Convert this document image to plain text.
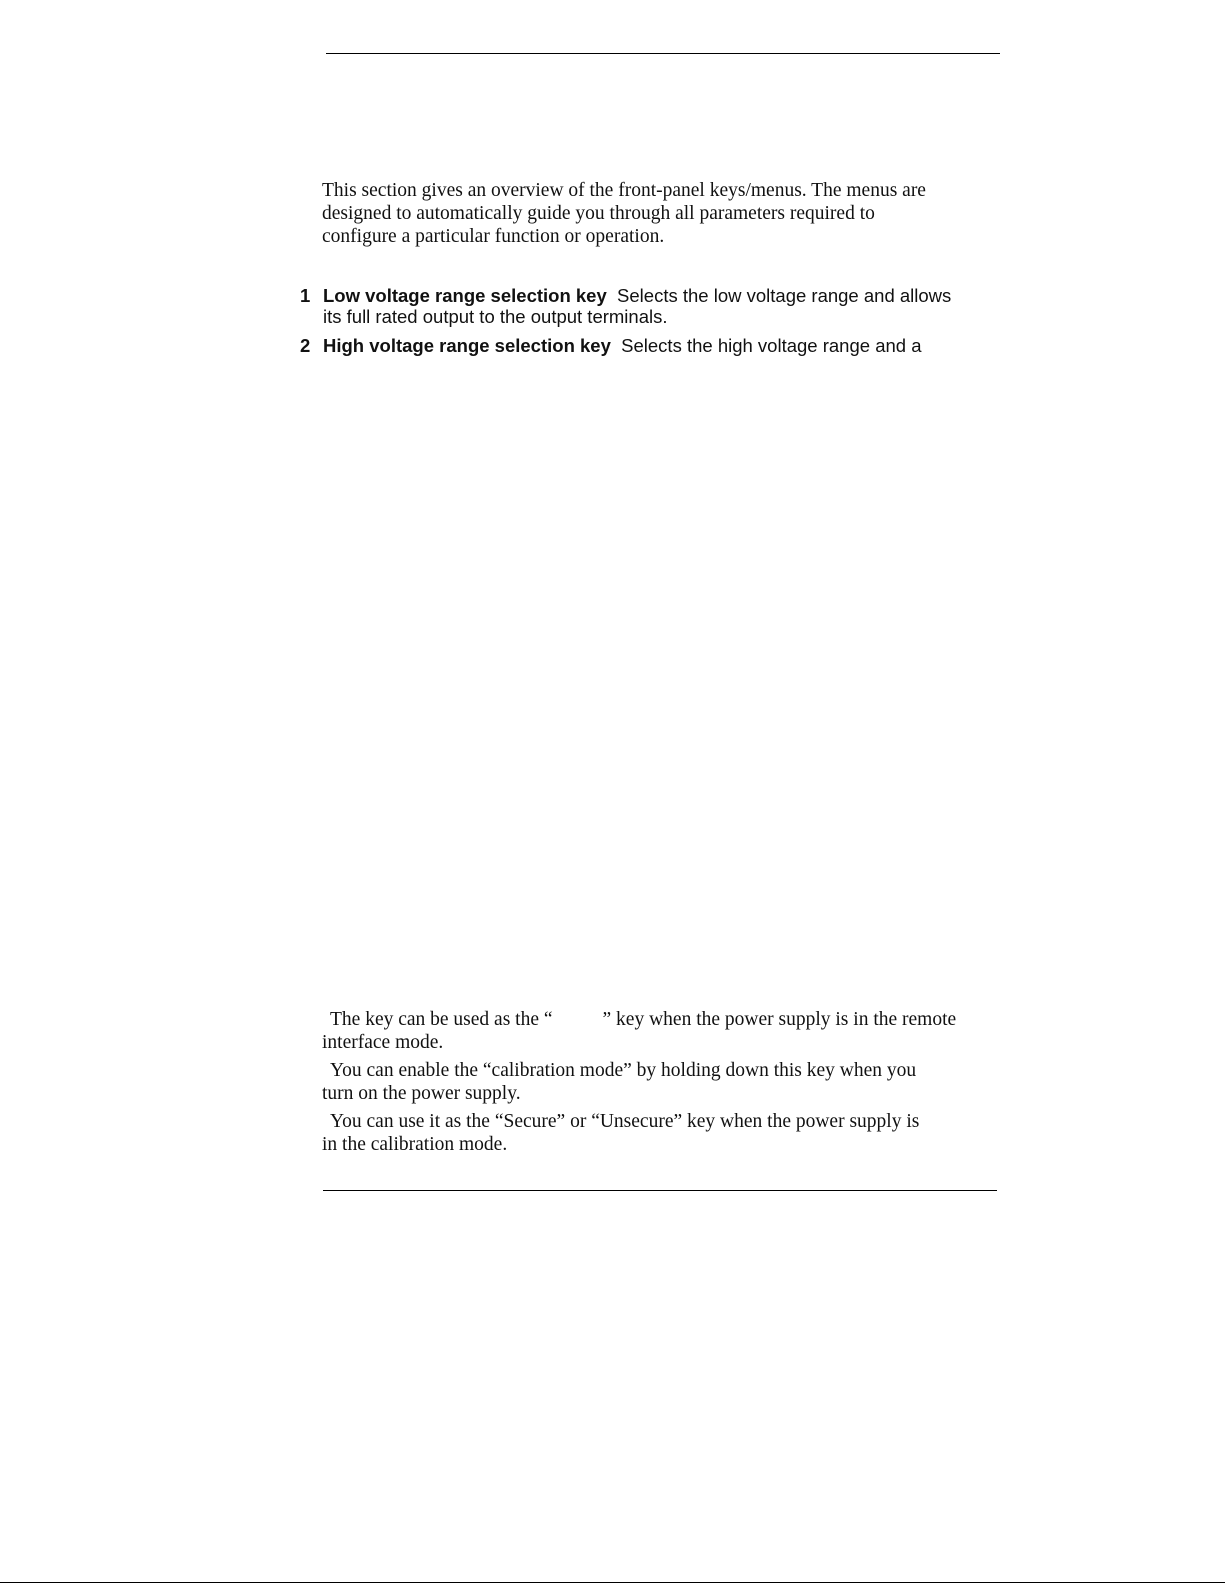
This section gives an overview of the front-panel keys/menus. The menus are

designed to automatically guide you through all parameters required to

configure a particular function or operation.

1 Low voltage range selection key Selects the low voltage range and allows
its full rated output to the output terminals.
2 High voltage range selection key Selects the high voltage range and a
The key can be used as the “	” key when the power supply is in the remote
interface mode.
You can enable the “calibration mode” by holding down this key when you
turn on the power supply.
You can use it as the “Secure” or “Unsecure” key when the power supply is
in the calibration mode.
